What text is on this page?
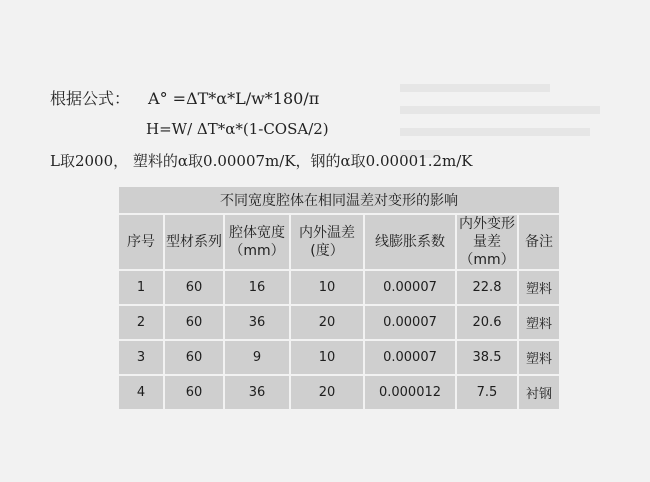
根据公式： A° =ΔT*α*L/w*180/π
H=W/ ΔT*α*(1-COSA/2)
L取2000， 塑料的α取0.00007m/K，钢的α取0.00001.2m/K
不同宽度腔体在相同温差对变形的影响						
序号	型材系列	腔体宽度（mm）	内外温差(度）	线膨胀系数	内外变形量差（mm）	备注
1	60	16	10	0.00007	22.8	塑料
2	60	36	20	0.00007	20.6	塑料
3	60	9	10	0.00007	38.5	塑料
4	60	36	20	0.000012	7.5	衬钢
